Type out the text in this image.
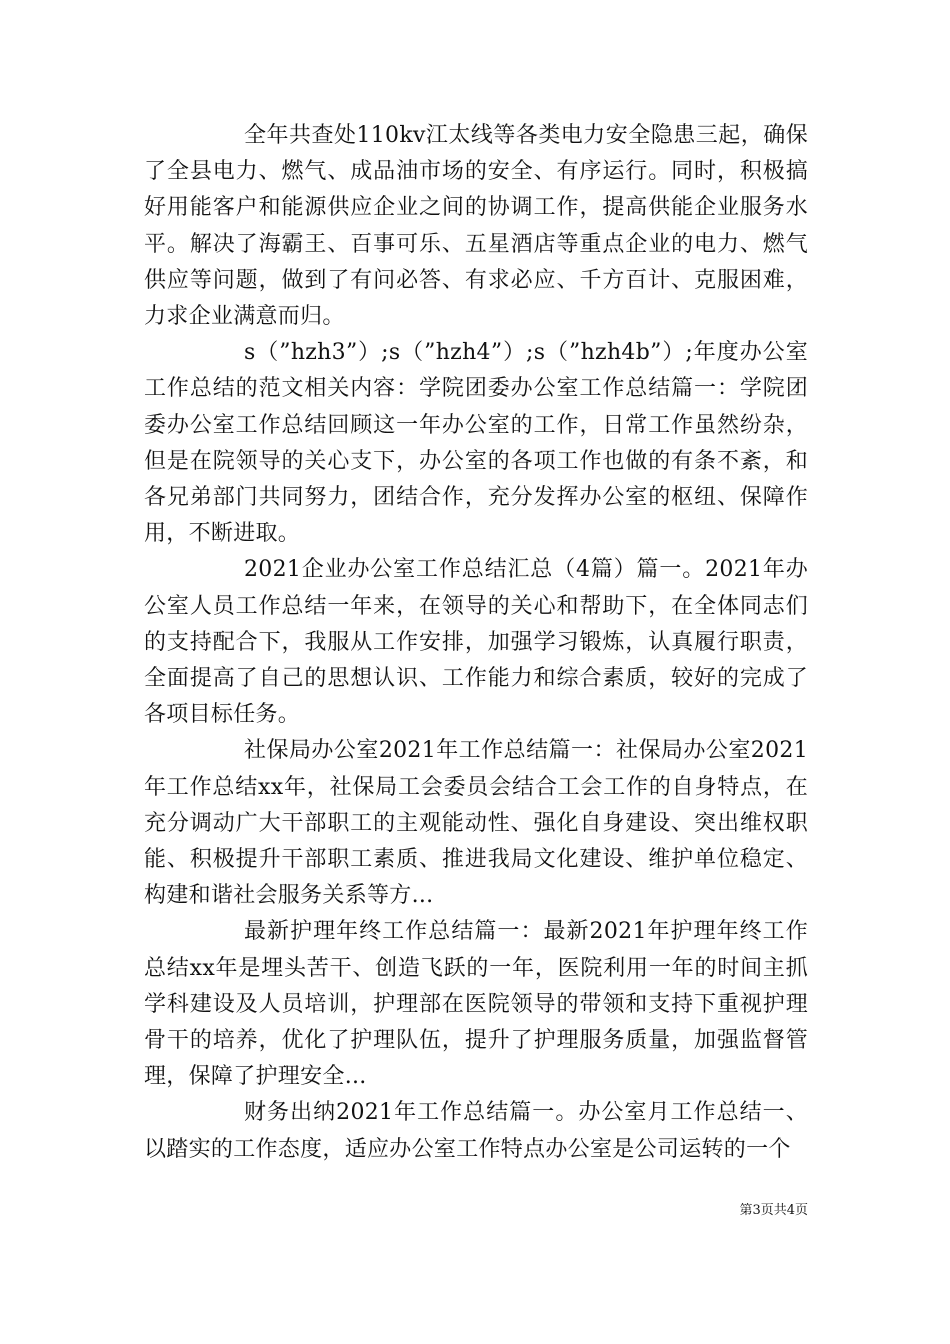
全年共查处110kv江太线等各类电力安全隐患三起，确保了全县电力、燃气、成品油市场的安全、有序运行。同时，积极搞好用能客户和能源供应企业之间的协调工作，提高供能企业服务水平。解决了海霸王、百事可乐、五星酒店等重点企业的电力、燃气供应等问题，做到了有问必答、有求必应、千方百计、克服困难，力求企业满意而归。

s（”hzh3”）;s（”hzh4”）;s（”hzh4b”）;年度办公室工作总结的范文相关内容：学院团委办公室工作总结篇一：学院团委办公室工作总结回顾这一年办公室的工作，日常工作虽然纷杂，但是在院领导的关心支下，办公室的各项工作也做的有条不紊，和各兄弟部门共同努力，团结合作，充分发挥办公室的枢纽、保障作用，不断进取。

2021企业办公室工作总结汇总（4篇）篇一。2021年办公室人员工作总结一年来，在领导的关心和帮助下，在全体同志们的支持配合下，我服从工作安排，加强学习锻炼，认真履行职责，全面提高了自己的思想认识、工作能力和综合素质，较好的完成了各项目标任务。

社保局办公室2021年工作总结篇一：社保局办公室2021年工作总结xx年，社保局工会委员会结合工会工作的自身特点，在充分调动广大干部职工的主观能动性、强化自身建设、突出维权职能、积极提升干部职工素质、推进我局文化建设、维护单位稳定、构建和谐社会服务关系等方...

最新护理年终工作总结篇一：最新2021年护理年终工作总结xx年是埋头苦干、创造飞跃的一年，医院利用一年的时间主抓学科建设及人员培训，护理部在医院领导的带领和支持下重视护理骨干的培养，优化了护理队伍，提升了护理服务质量，加强监督管理，保障了护理安全...

财务出纳2021年工作总结篇一。办公室月工作总结一、以踏实的工作态度，适应办公室工作特点办公室是公司运转的一个

第3页共4页
